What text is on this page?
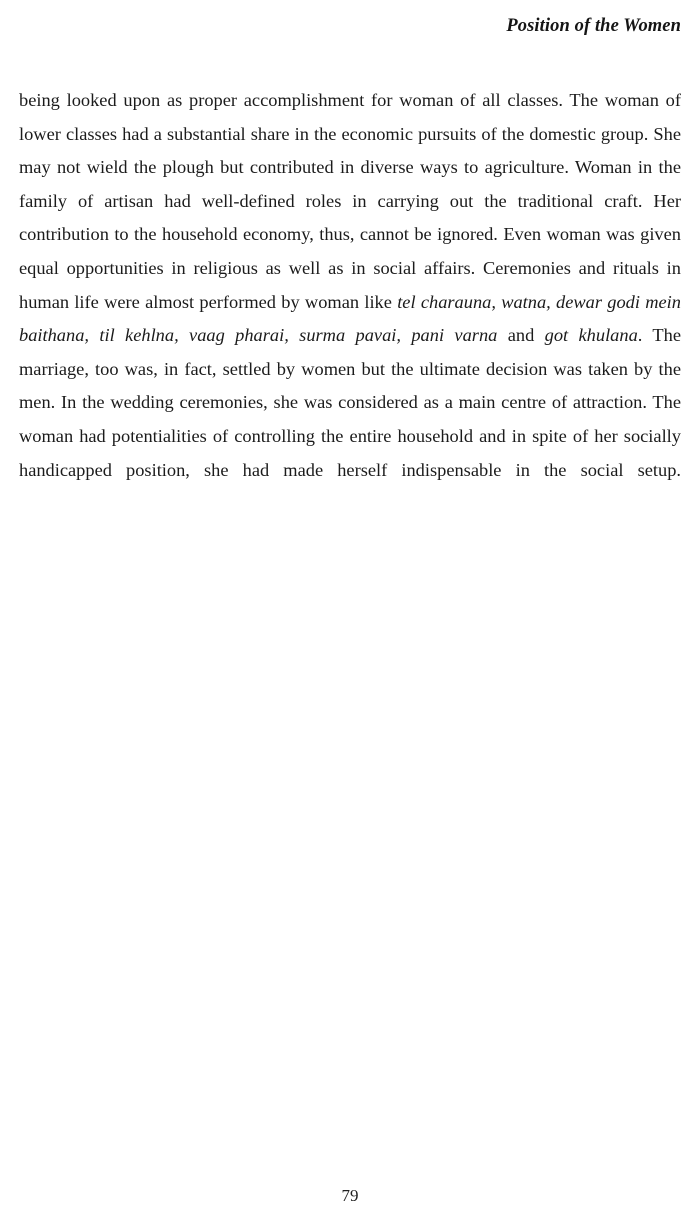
Position of the Women

being looked upon as proper accomplishment for woman of all classes. The woman of lower classes had a substantial share in the economic pursuits of the domestic group. She may not wield the plough but contributed in diverse ways to agriculture. Woman in the family of artisan had well-defined roles in carrying out the traditional craft. Her contribution to the household economy, thus, cannot be ignored. Even woman was given equal opportunities in religious as well as in social affairs. Ceremonies and rituals in human life were almost performed by woman like tel charauna, watna, dewar godi mein baithana, til kehlna, vaag pharai, surma pavai, pani varna and got khulana. The marriage, too was, in fact, settled by women but the ultimate decision was taken by the men. In the wedding ceremonies, she was considered as a main centre of attraction. The woman had potentialities of controlling the entire household and in spite of her socially handicapped position, she had made herself indispensable in the social setup.

79
